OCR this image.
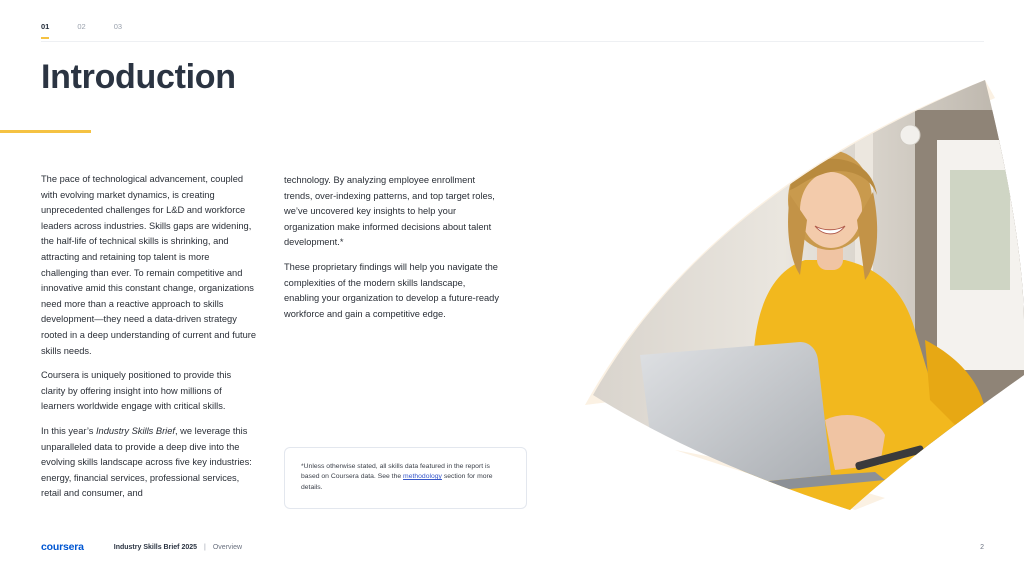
01	02	03
Introduction

The pace of technological advancement, coupled with evolving market dynamics, is creating unprecedented challenges for L&D and workforce leaders across industries. Skills gaps are widening, the half-life of technical skills is shrinking, and attracting and retaining top talent is more challenging than ever. To remain competitive and innovative amid this constant change, organizations need more than a reactive approach to skills development—they need a data-driven strategy rooted in a deep understanding of current and future skills needs.

Coursera is uniquely positioned to provide this clarity by offering insight into how millions of learners worldwide engage with critical skills.

In this year’s Industry Skills Brief, we leverage this unparalleled data to provide a deep dive into the evolving skills landscape across five key industries: energy, financial services, professional services, retail and consumer, and

technology. By analyzing employee enrollment trends, over-indexing patterns, and top target roles, we’ve uncovered key insights to help your organization make informed decisions about talent development.*

These proprietary findings will help you navigate the complexities of the modern skills landscape, enabling your organization to develop a future-ready workforce and gain a competitive edge.

*Unless otherwise stated, all skills data featured in the report is based on Coursera data. See the methodology section for more details.
coursera	Industry Skills Brief 2025 | Overview	2
